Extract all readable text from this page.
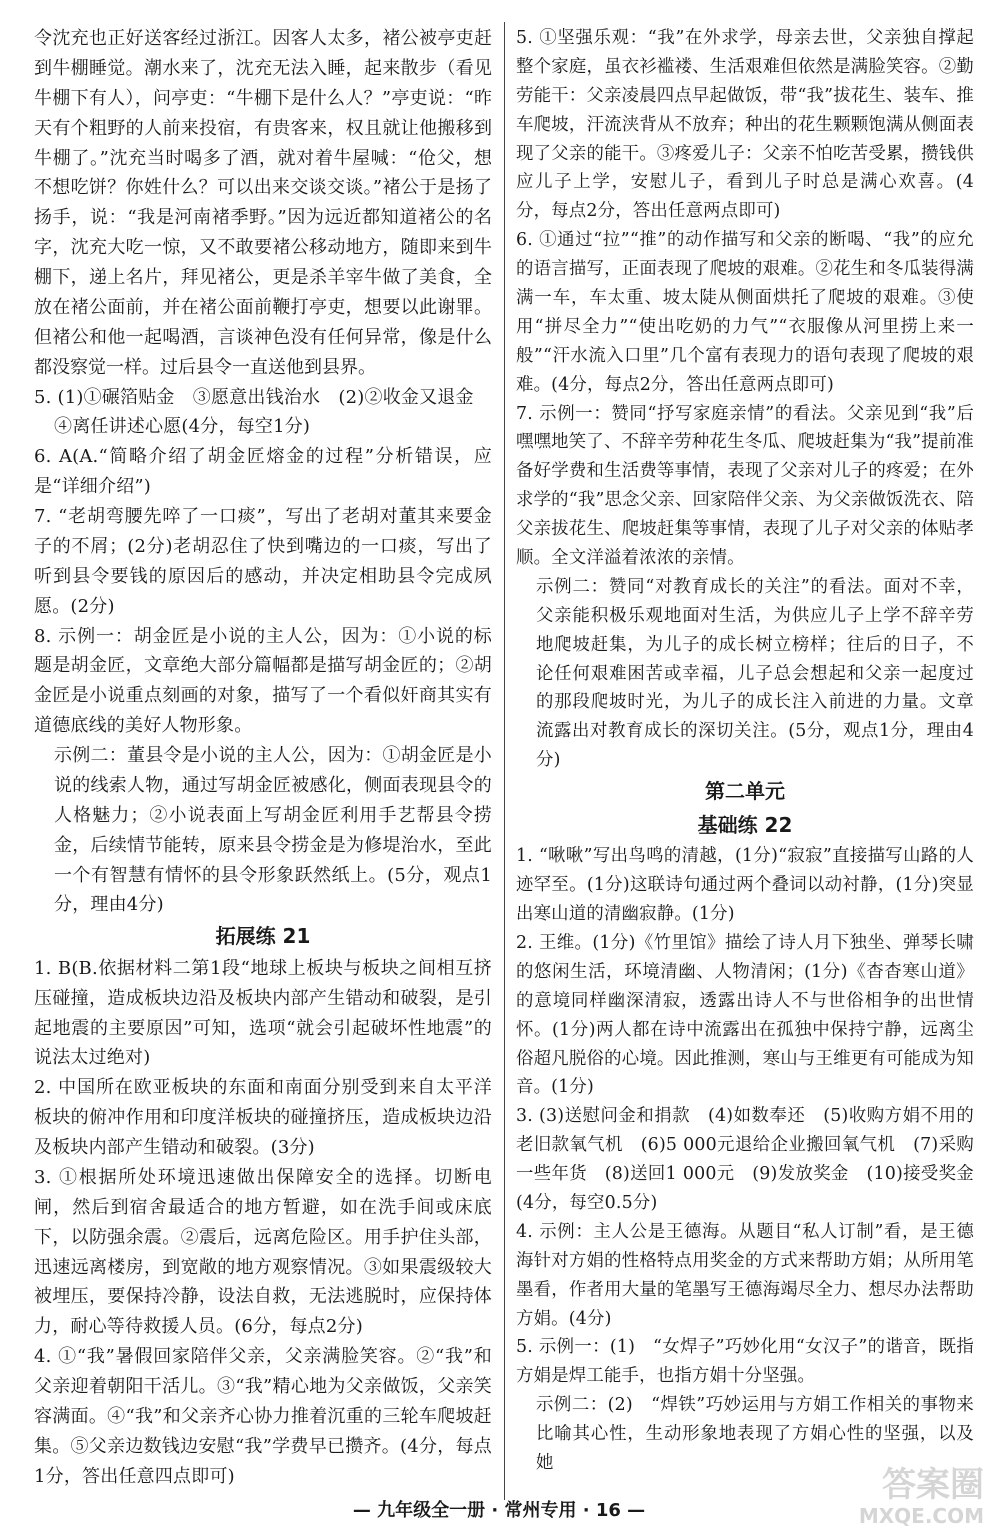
令沈充也正好送客经过浙江。因客人太多，褚公被亭吏赶到牛棚睡觉。潮水来了，沈充无法入睡，起来散步（看见牛棚下有人），问亭吏：“牛棚下是什么人？”亭吏说：“昨天有个粗野的人前来投宿，有贵客来，权且就让他搬移到牛棚了。”沈充当时喝多了酒，就对着牛屋喊：“伧父，想不想吃饼？你姓什么？可以出来交谈交谈。”褚公于是扬了扬手，说：“我是河南褚季野。”因为远近都知道褚公的名字，沈充大吃一惊，又不敢要褚公移动地方，随即来到牛棚下，递上名片，拜见褚公，更是杀羊宰牛做了美食，全放在褚公面前，并在褚公面前鞭打亭吏，想要以此谢罪。但褚公和他一起喝酒，言谈神色没有任何异常，像是什么都没察觉一样。过后县令一直送他到县界。

5. (1)①碾箔贴金　③愿意出钱治水　(2)②收金又退金

④离任讲述心愿(4分，每空1分)

6. A(A.“简略介绍了胡金匠熔金的过程”分析错误，应是“详细介绍”)

7. “老胡弯腰先啐了一口痰”，写出了老胡对董其来要金子的不屑；(2分)老胡忍住了快到嘴边的一口痰，写出了听到县令要钱的原因后的感动，并决定相助县令完成夙愿。(2分)

8. 示例一：胡金匠是小说的主人公，因为：①小说的标题是胡金匠，文章绝大部分篇幅都是描写胡金匠的；②胡金匠是小说重点刻画的对象，描写了一个看似奸商其实有道德底线的美好人物形象。

示例二：董县令是小说的主人公，因为：①胡金匠是小说的线索人物，通过写胡金匠被感化，侧面表现县令的人格魅力；②小说表面上写胡金匠利用手艺帮县令捞金，后续情节能转，原来县令捞金是为修堤治水，至此一个有智慧有情怀的县令形象跃然纸上。(5分，观点1分，理由4分)

拓展练 21

1. B(B.依据材料二第1段“地球上板块与板块之间相互挤压碰撞，造成板块边沿及板块内部产生错动和破裂，是引起地震的主要原因”可知，选项“就会引起破坏性地震”的说法太过绝对)

2. 中国所在欧亚板块的东面和南面分别受到来自太平洋板块的俯冲作用和印度洋板块的碰撞挤压，造成板块边沿及板块内部产生错动和破裂。(3分)

3. ①根据所处环境迅速做出保障安全的选择。切断电闸，然后到宿舍最适合的地方暂避，如在洗手间或床底下，以防强余震。②震后，远离危险区。用手护住头部，迅速远离楼房，到宽敞的地方观察情况。③如果震级较大被埋压，要保持冷静，设法自救，无法逃脱时，应保持体力，耐心等待救援人员。(6分，每点2分)

4. ①“我”暑假回家陪伴父亲，父亲满脸笑容。②“我”和父亲迎着朝阳干活儿。③“我”精心地为父亲做饭，父亲笑容满面。④“我”和父亲齐心协力推着沉重的三轮车爬坡赶集。⑤父亲边数钱边安慰“我”学费早已攒齐。(4分，每点1分，答出任意四点即可)

5. ①坚强乐观：“我”在外求学，母亲去世，父亲独自撑起整个家庭，虽衣衫褴褛、生活艰难但依然是满脸笑容。②勤劳能干：父亲凌晨四点早起做饭，带“我”拔花生、装车、推车爬坡，汗流浃背从不放弃；种出的花生颗颗饱满从侧面表现了父亲的能干。③疼爱儿子：父亲不怕吃苦受累，攒钱供应儿子上学，安慰儿子，看到儿子时总是满心欢喜。(4分，每点2分，答出任意两点即可)

6. ①通过“拉”“推”的动作描写和父亲的断喝、“我”的应允的语言描写，正面表现了爬坡的艰难。②花生和冬瓜装得满满一车，车太重、坡太陡从侧面烘托了爬坡的艰难。③使用“拼尽全力”“使出吃奶的力气”“衣服像从河里捞上来一般”“汗水流入口里”几个富有表现力的语句表现了爬坡的艰难。(4分，每点2分，答出任意两点即可)

7. 示例一：赞同“抒写家庭亲情”的看法。父亲见到“我”后嘿嘿地笑了、不辞辛劳种花生冬瓜、爬坡赶集为“我”提前准备好学费和生活费等事情，表现了父亲对儿子的疼爱；在外求学的“我”思念父亲、回家陪伴父亲、为父亲做饭洗衣、陪父亲拔花生、爬坡赶集等事情，表现了儿子对父亲的体贴孝顺。全文洋溢着浓浓的亲情。

示例二：赞同“对教育成长的关注”的看法。面对不幸，父亲能积极乐观地面对生活，为供应儿子上学不辞辛劳地爬坡赶集，为儿子的成长树立榜样；往后的日子，不论任何艰难困苦或幸福，儿子总会想起和父亲一起度过的那段爬坡时光，为儿子的成长注入前进的力量。文章流露出对教育成长的深切关注。(5分，观点1分，理由4分)

第二单元

基础练 22

1. “啾啾”写出鸟鸣的清越，(1分)“寂寂”直接描写山路的人迹罕至。(1分)这联诗句通过两个叠词以动衬静，(1分)突显出寒山道的清幽寂静。(1分)

2. 王维。(1分)《竹里馆》描绘了诗人月下独坐、弹琴长啸的悠闲生活，环境清幽、人物清闲；(1分)《杳杳寒山道》的意境同样幽深清寂，透露出诗人不与世俗相争的出世情怀。(1分)两人都在诗中流露出在孤独中保持宁静，远离尘俗超凡脱俗的心境。因此推测，寒山与王维更有可能成为知音。(1分)

3. (3)送慰问金和捐款　(4)如数奉还　(5)收购方娟不用的老旧款氧气机　(6)5 000元退给企业搬回氧气机　(7)采购一些年货　(8)送回1 000元　(9)发放奖金　(10)接受奖金(4分，每空0.5分)

4. 示例：主人公是王德海。从题目“私人订制”看，是王德海针对方娟的性格特点用奖金的方式来帮助方娟；从所用笔墨看，作者用大量的笔墨写王德海竭尽全力、想尽办法帮助方娟。(4分)

5. 示例一：(1)　“女焊子”巧妙化用“女汉子”的谐音，既指方娟是焊工能手，也指方娟十分坚强。

示例二：(2)　“焊铁”巧妙运用与方娟工作相关的事物来比喻其心性，生动形象地表现了方娟心性的坚强，以及她

— 九年级全一册 · 常州专用 · 16 —
答案圈
MXQE.COM
